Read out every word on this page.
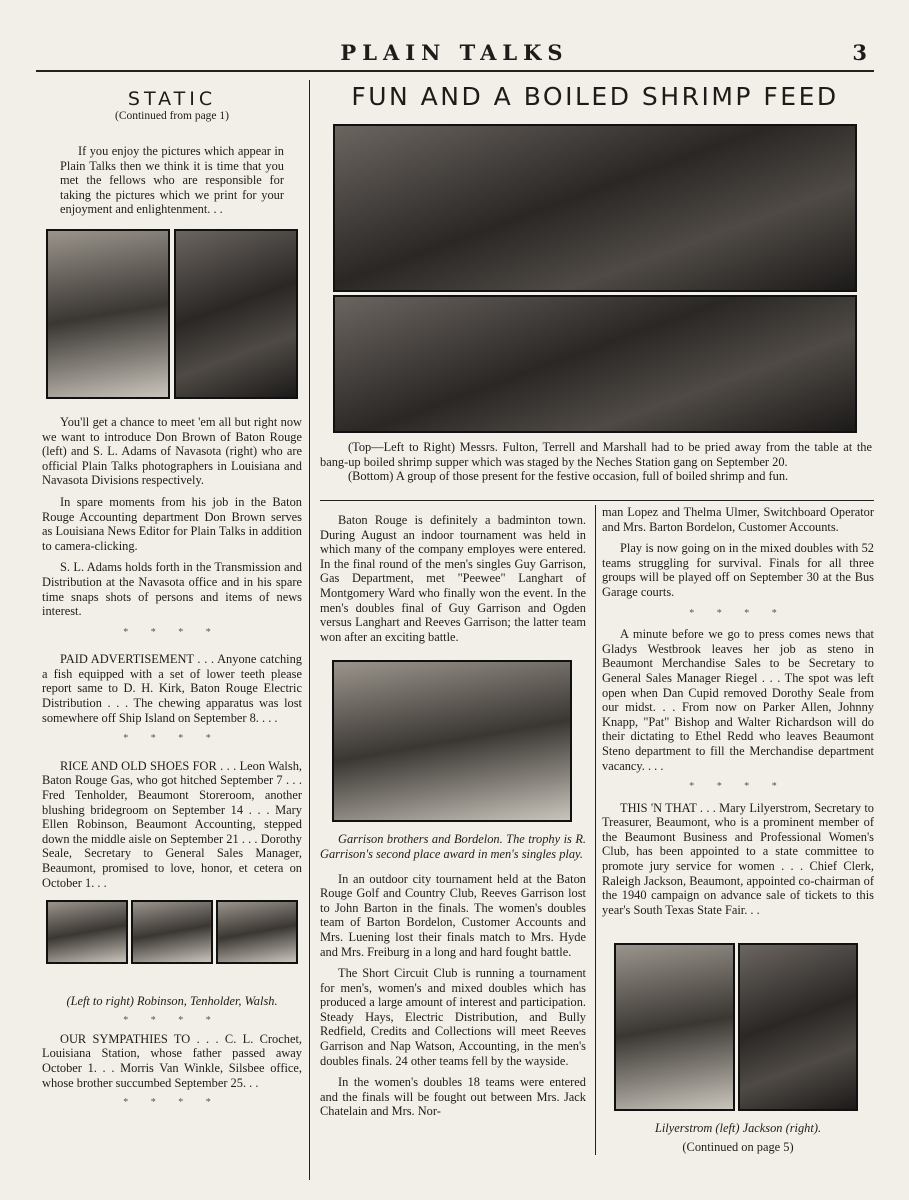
PLAIN TALKS	3
STATIC
(Continued from page 1)

If you enjoy the pictures which appear in Plain Talks then we think it is time that you met the fellows who are responsible for taking the pictures which we print for your enjoyment and enlightenment. . .

You'll get a chance to meet 'em all but right now we want to introduce Don Brown of Baton Rouge (left) and S. L. Adams of Navasota (right) who are official Plain Talks photographers in Louisiana and Navasota Divisions respectively.

In spare moments from his job in the Baton Rouge Accounting department Don Brown serves as Louisiana News Editor for Plain Talks in addition to camera-clicking.

S. L. Adams holds forth in the Transmission and Distribution at the Navasota office and in his spare time snaps shots of persons and items of news interest.

* * * *

PAID ADVERTISEMENT . . . Anyone catching a fish equipped with a set of lower teeth please report same to D. H. Kirk, Baton Rouge Electric Distribution . . . The chewing apparatus was lost somewhere off Ship Island on September 8. . . .

* * * *

RICE AND OLD SHOES FOR . . . Leon Walsh, Baton Rouge Gas, who got hitched September 7 . . . Fred Tenholder, Beaumont Storeroom, another blushing bridegroom on September 14 . . . Mary Ellen Robinson, Beaumont Accounting, stepped down the middle aisle on September 21 . . . Dorothy Seale, Secretary to General Sales Manager, Beaumont, promised to love, honor, et cetera on October 1. . .

(Left to right) Robinson, Tenholder, Walsh.
* * * *

OUR SYMPATHIES TO . . . C. L. Crochet, Louisiana Station, whose father passed away October 1. . . Morris Van Winkle, Silsbee office, whose brother succumbed September 25. . .

* * * *
FUN AND A BOILED SHRIMP FEED
(Top—Left to Right) Messrs. Fulton, Terrell and Marshall had to be pried away from the table at the bang-up boiled shrimp supper which was staged by the Neches Station gang on September 20.
(Bottom) A group of those present for the festive occasion, full of boiled shrimp and fun.

Baton Rouge is definitely a badminton town. During August an indoor tournament was held in which many of the company employes were entered. In the final round of the men's singles Guy Garrison, Gas Department, met "Peewee" Langhart of Montgomery Ward who finally won the event. In the men's doubles final of Guy Garrison and Ogden versus Langhart and Reeves Garrison; the latter team won after an exciting battle.

Garrison brothers and Bordelon. The trophy is R. Garrison's second place award in men's singles play.

In an outdoor city tournament held at the Baton Rouge Golf and Country Club, Reeves Garrison lost to John Barton in the finals. The women's doubles team of Barton Bordelon, Customer Accounts and Mrs. Luening lost their finals match to Mrs. Hyde and Mrs. Freiburg in a long and hard fought battle.

The Short Circuit Club is running a tournament for men's, women's and mixed doubles which has produced a large amount of interest and participation. Steady Hays, Electric Distribution, and Bully Redfield, Credits and Collections will meet Reeves Garrison and Nap Watson, Accounting, in the men's doubles finals. 24 other teams fell by the wayside.

In the women's doubles 18 teams were entered and the finals will be fought out between Mrs. Jack Chatelain and Mrs. Nor-

man Lopez and Thelma Ulmer, Switchboard Operator and Mrs. Barton Bordelon, Customer Accounts.

Play is now going on in the mixed doubles with 52 teams struggling for survival. Finals for all three groups will be played off on September 30 at the Bus Garage courts.

* * * *

A minute before we go to press comes news that Gladys Westbrook leaves her job as steno in Beaumont Merchandise Sales to be Secretary to General Sales Manager Riegel . . . The spot was left open when Dan Cupid removed Dorothy Seale from our midst. . . From now on Parker Allen, Johnny Knapp, "Pat" Bishop and Walter Richardson will do their dictating to Ethel Redd who leaves Beaumont Steno department to fill the Merchandise department vacancy. . . .

* * * *

THIS 'N THAT . . . Mary Lilyerstrom, Secretary to Treasurer, Beaumont, who is a prominent member of the Beaumont Business and Professional Women's Club, has been appointed to a state committee to promote jury service for women . . . Chief Clerk, Raleigh Jackson, Beaumont, appointed co-chairman of the 1940 campaign on advance sale of tickets to this year's South Texas State Fair. . .

Lilyerstrom (left) Jackson (right).
(Continued on page 5)
